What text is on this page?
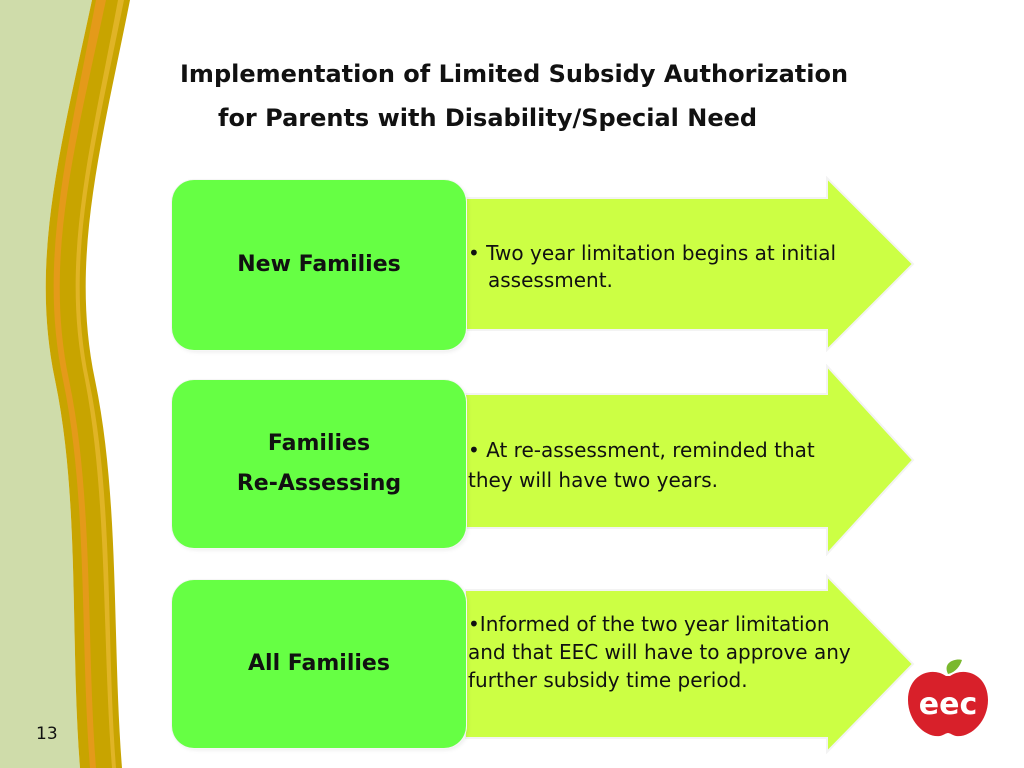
Implementation of Limited Subsidy Authorization
for Parents with Disability/Special Need
New Families	• Two year limitation begins at initial assessment.
Families
Re-Assessing
• At re-assessment, reminded that they will have two years.
All Families
•Informed of the two year limitation and that EEC will have to approve any further subsidy time period.
13
eec
